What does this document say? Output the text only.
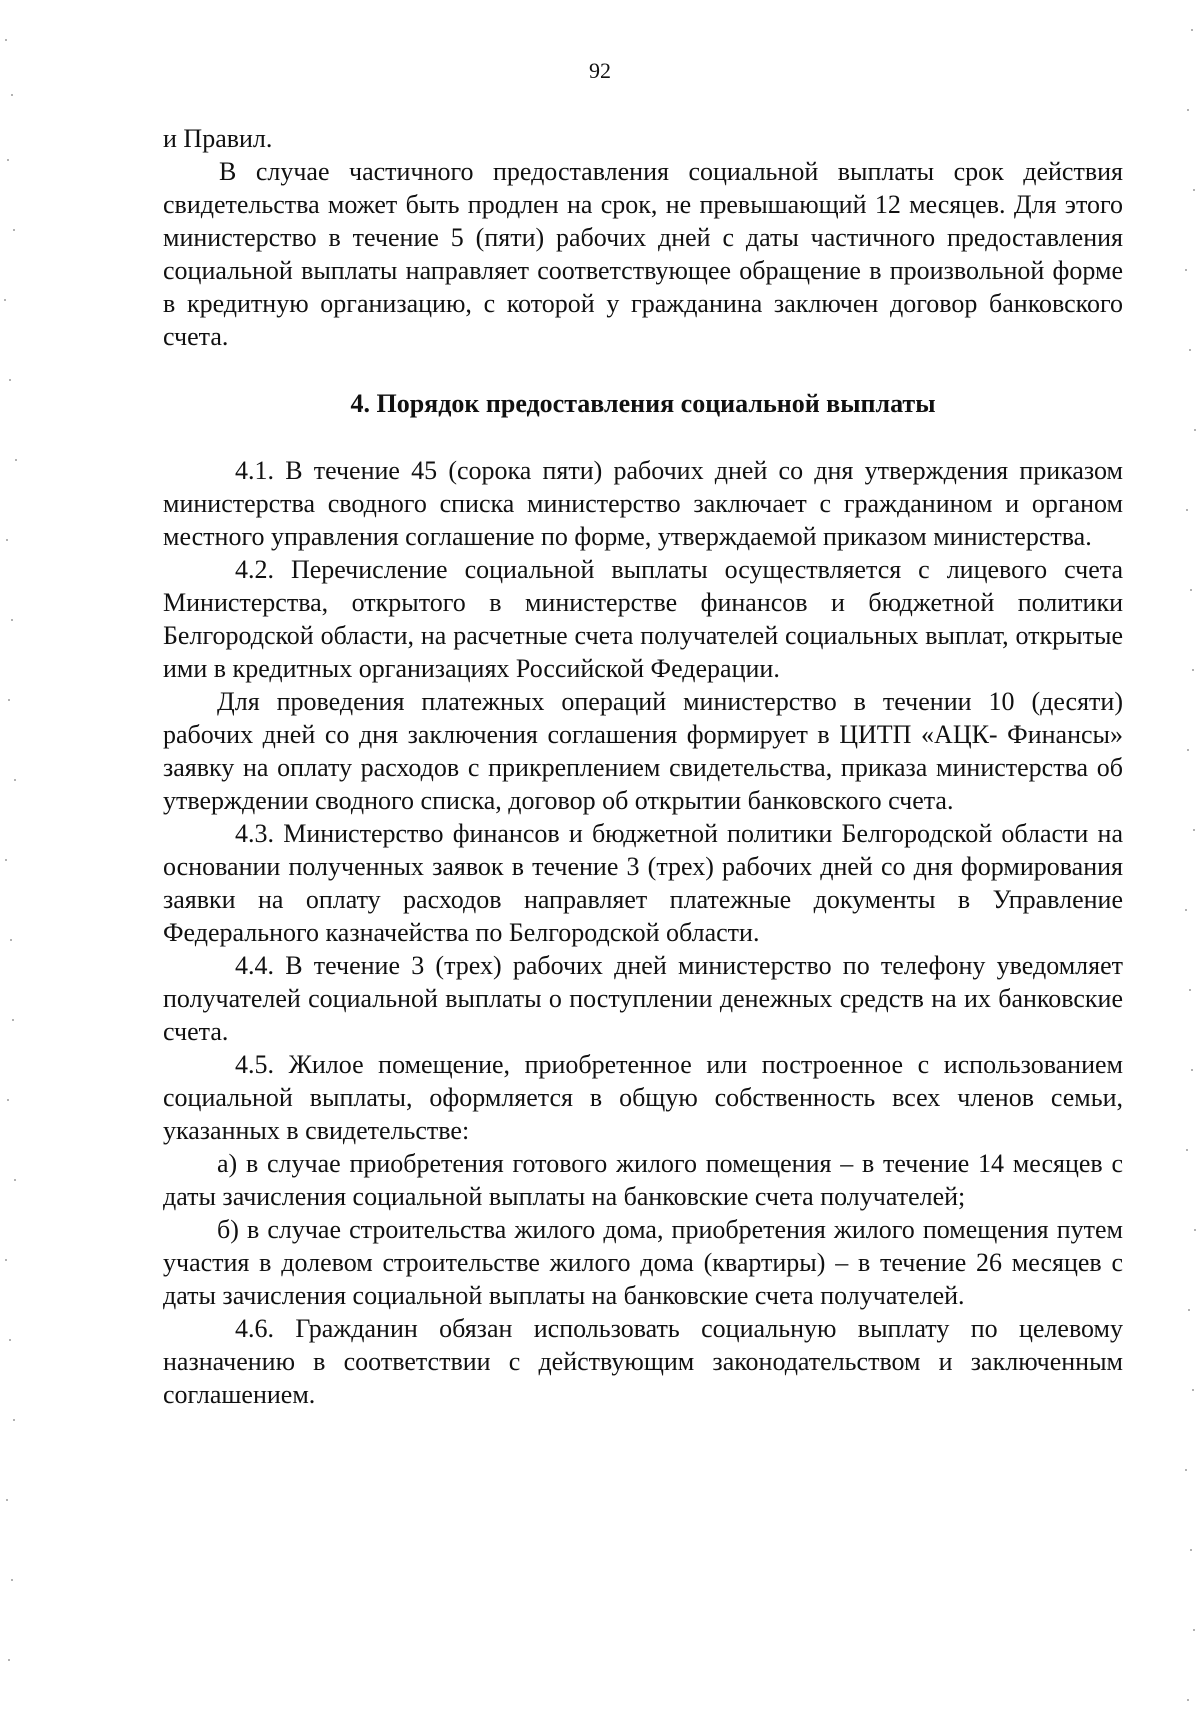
92

и Правил.

В случае частичного предоставления социальной выплаты срок действия свидетельства может быть продлен на срок, не превышающий 12 месяцев. Для этого министерство в течение 5 (пяти) рабочих дней с даты частичного предоставления социальной выплаты направляет соответствующее обращение в произвольной форме в кредитную организацию, с которой у гражданина заключен договор банковского счета.

4. Порядок предоставления социальной выплаты

4.1. В течение 45 (сорока пяти) рабочих дней со дня утверждения приказом министерства сводного списка министерство заключает с гражданином и органом местного управления соглашение по форме, утверждаемой приказом министерства.

4.2. Перечисление социальной выплаты осуществляется с лицевого счета Министерства, открытого в министерстве финансов и бюджетной политики Белгородской области, на расчетные счета получателей социальных выплат, открытые ими в кредитных организациях Российской Федерации.

Для проведения платежных операций министерство в течении 10 (десяти) рабочих дней со дня заключения соглашения формирует в ЦИТП «АЦК- Финансы» заявку на оплату расходов с прикреплением свидетельства, приказа министерства об утверждении сводного списка, договор об открытии банковского счета.

4.3. Министерство финансов и бюджетной политики Белгородской области на основании полученных заявок в течение 3 (трех) рабочих дней со дня формирования заявки на оплату расходов направляет платежные документы в Управление Федерального казначейства по Белгородской области.

4.4. В течение 3 (трех) рабочих дней министерство по телефону уведомляет получателей социальной выплаты о поступлении денежных средств на их банковские счета.

4.5. Жилое помещение, приобретенное или построенное с использованием социальной выплаты, оформляется в общую собственность всех членов семьи, указанных в свидетельстве:

а) в случае приобретения готового жилого помещения – в течение 14 месяцев с даты зачисления социальной выплаты на банковские счета получателей;

б) в случае строительства жилого дома, приобретения жилого помещения путем участия в долевом строительстве жилого дома (квартиры) – в течение 26 месяцев с даты зачисления социальной выплаты на банковские счета получателей.

4.6. Гражданин обязан использовать социальную выплату по целевому назначению в соответствии с действующим законодательством и заключенным соглашением.
